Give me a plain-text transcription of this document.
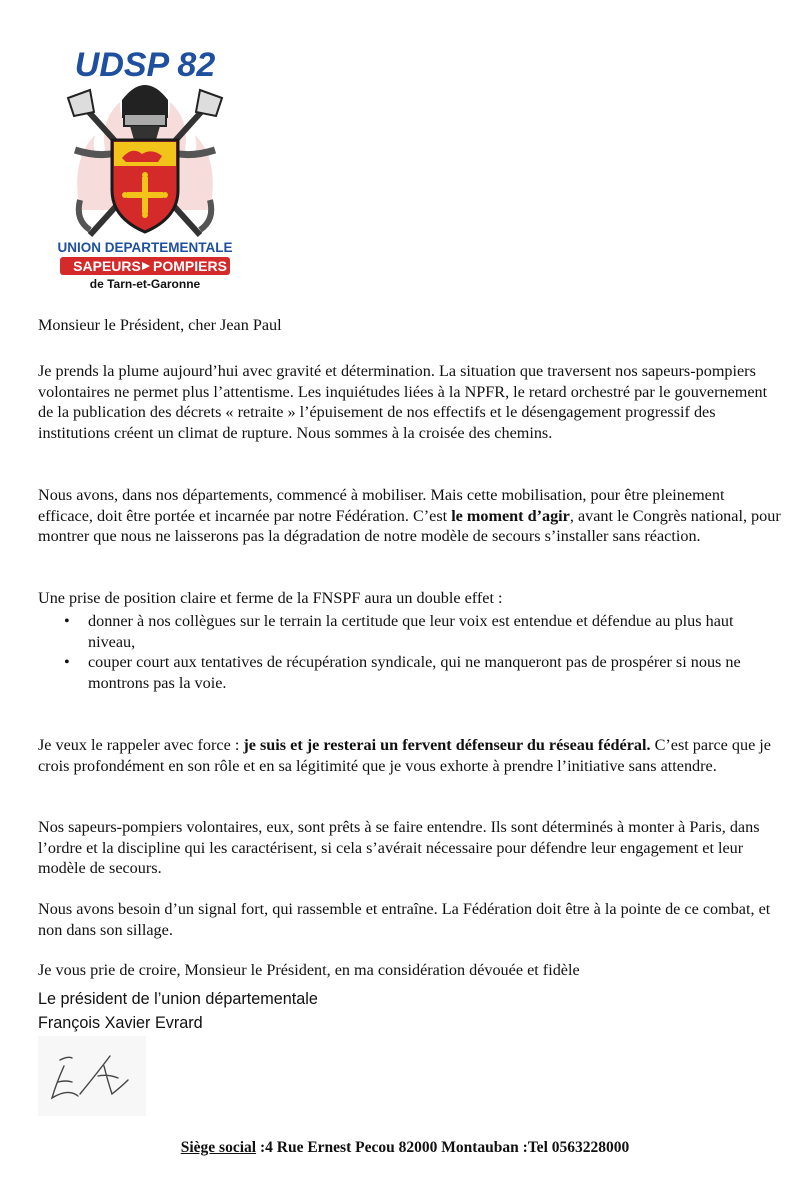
UDSP 82
UNION DEPARTEMENTALE
SAPEURS POMPIERS
de Tarn-et-Garonne

Monsieur le Président, cher Jean Paul

Je prends la plume aujourd’hui avec gravité et détermination. La situation que traversent nos sapeurs-pompiers volontaires ne permet plus l’attentisme. Les inquiétudes liées à la NPFR, le retard orchestré par le gouvernement de la publication des décrets « retraite » l’épuisement de nos effectifs et le désengagement progressif des institutions créent un climat de rupture. Nous sommes à la croisée des chemins.

Nous avons, dans nos départements, commencé à mobiliser. Mais cette mobilisation, pour être pleinement efficace, doit être portée et incarnée par notre Fédération. C’est le moment d’agir, avant le Congrès national, pour montrer que nous ne laisserons pas la dégradation de notre modèle de secours s’installer sans réaction.

Une prise de position claire et ferme de la FNSPF aura un double effet :

• donner à nos collègues sur le terrain la certitude que leur voix est entendue et défendue au plus haut niveau,
• couper court aux tentatives de récupération syndicale, qui ne manqueront pas de prospérer si nous ne montrons pas la voie.

Je veux le rappeler avec force : je suis et je resterai un fervent défenseur du réseau fédéral. C’est parce que je crois profondément en son rôle et en sa légitimité que je vous exhorte à prendre l’initiative sans attendre.

Nos sapeurs-pompiers volontaires, eux, sont prêts à se faire entendre. Ils sont déterminés à monter à Paris, dans l’ordre et la discipline qui les caractérisent, si cela s’avérait nécessaire pour défendre leur engagement et leur modèle de secours.

Nous avons besoin d’un signal fort, qui rassemble et entraîne. La Fédération doit être à la pointe de ce combat, et non dans son sillage.

Je vous prie de croire, Monsieur le Président, en ma considération dévouée et fidèle

Le président de l’union départementale
François Xavier Evrard
Siège social :4 Rue Ernest Pecou 82000 Montauban :Tel 0563228000
